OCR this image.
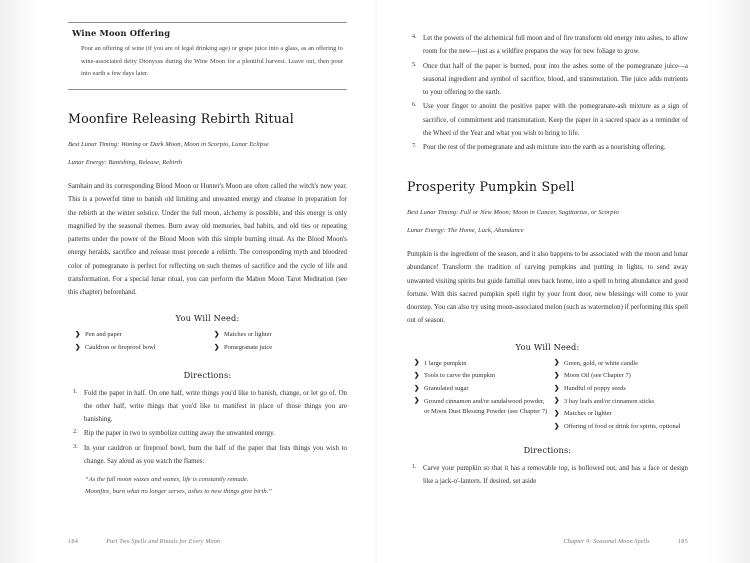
Wine Moon Offering

Pour an offering of wine (if you are of legal drinking age) or grape juice into a glass, as an offering to wine-associated deity Dionysus during the Wine Moon for a plentiful harvest. Leave out, then pour into earth a few days later.

Moonfire Releasing Rebirth Ritual

Best Lunar Timing: Waning or Dark Moon, Moon in Scorpio, Lunar Eclipse

Lunar Energy: Banishing, Release, Rebirth

Samhain and its corresponding Blood Moon or Hunter's Moon are often called the witch's new year. This is a powerful time to banish old limiting and unwanted energy and cleanse in preparation for the rebirth at the winter solstice. Under the full moon, alchemy is possible, and this energy is only magnified by the seasonal themes. Burn away old memories, bad habits, and old ties or repeating patterns under the power of the Blood Moon with this simple burning ritual. As the Blood Moon's energy heralds, sacrifice and release must precede a rebirth. The corresponding myth and bloodred color of pomegranate is perfect for reflecting on such themes of sacrifice and the cycle of life and transformation. For a special lunar ritual, you can perform the Mabon Moon Tarot Meditation (see this chapter) beforehand.

You Will Need:
❯ Pen and paper
❯ Cauldron or fireproof bowl
❯ Matches or lighter
❯ Pomegranate juice
Directions:
Fold the paper in half. On one half, write things you'd like to banish, change, or let go of. On the other half, write things that you'd like to manifest in place of those things you are banishing.
Rip the paper in two to symbolize cutting away the unwanted energy.
In your cauldron or fireproof bowl, burn the half of the paper that lists things you wish to change. Say aloud as you watch the flames:
“As the full moon waxes and wanes, life is constantly remade.
Moonfire, burn what no longer serves, ashes to new things give birth.”
184	Part Two Spells and Rituals for Every Moon
Let the powers of the alchemical full moon and of fire transform old energy into ashes, to allow room for the new—just as a wildfire prepares the way for new foliage to grow.
Once that half of the paper is burned, pour into the ashes some of the pomegranate juice—a seasonal ingredient and symbol of sacrifice, blood, and transmutation. The juice adds nutrients to your offering to the earth.
Use your finger to anoint the positive paper with the pomegranate-ash mixture as a sign of sacrifice, of commitment and transmutation. Keep the paper in a sacred space as a reminder of the Wheel of the Year and what you wish to bring to life.
Pour the rest of the pomegranate and ash mixture into the earth as a nourishing offering.
Prosperity Pumpkin Spell

Best Lunar Timing: Full or New Moon; Moon in Cancer, Sagittarius, or Scorpio

Lunar Energy: The Home, Luck, Abundance

Pumpkin is the ingredient of the season, and it also happens to be associated with the moon and lunar abundance! Transform the tradition of carving pumpkins and putting in lights, to send away unwanted visiting spirits but guide familial ones back home, into a spell to bring abundance and good fortune. With this sacred pumpkin spell right by your front door, new blessings will come to your doorstep. You can also try using moon-associated melon (such as watermelon) if performing this spell out of season.

You Will Need:
❯ 1 large pumpkin
❯ Tools to carve the pumpkin
❯ Granulated sugar
❯ Ground cinnamon and/or sandalwood powder, or Moon Dust Blessing Powder (see Chapter 7)
❯ Green, gold, or white candle
❯ Moon Oil (see Chapter 7)
❯ Handful of poppy seeds
❯ 3 bay leafs and/or cinnamon sticks
❯ Matches or lighter
❯ Offering of food or drink for spirits, optional
Directions:
Carve your pumpkin so that it has a removable top, is hollowed out, and has a face or design like a jack-o'-lantern. If desired, set aside
Chapter 9: Seasonal Moon Spells	185
